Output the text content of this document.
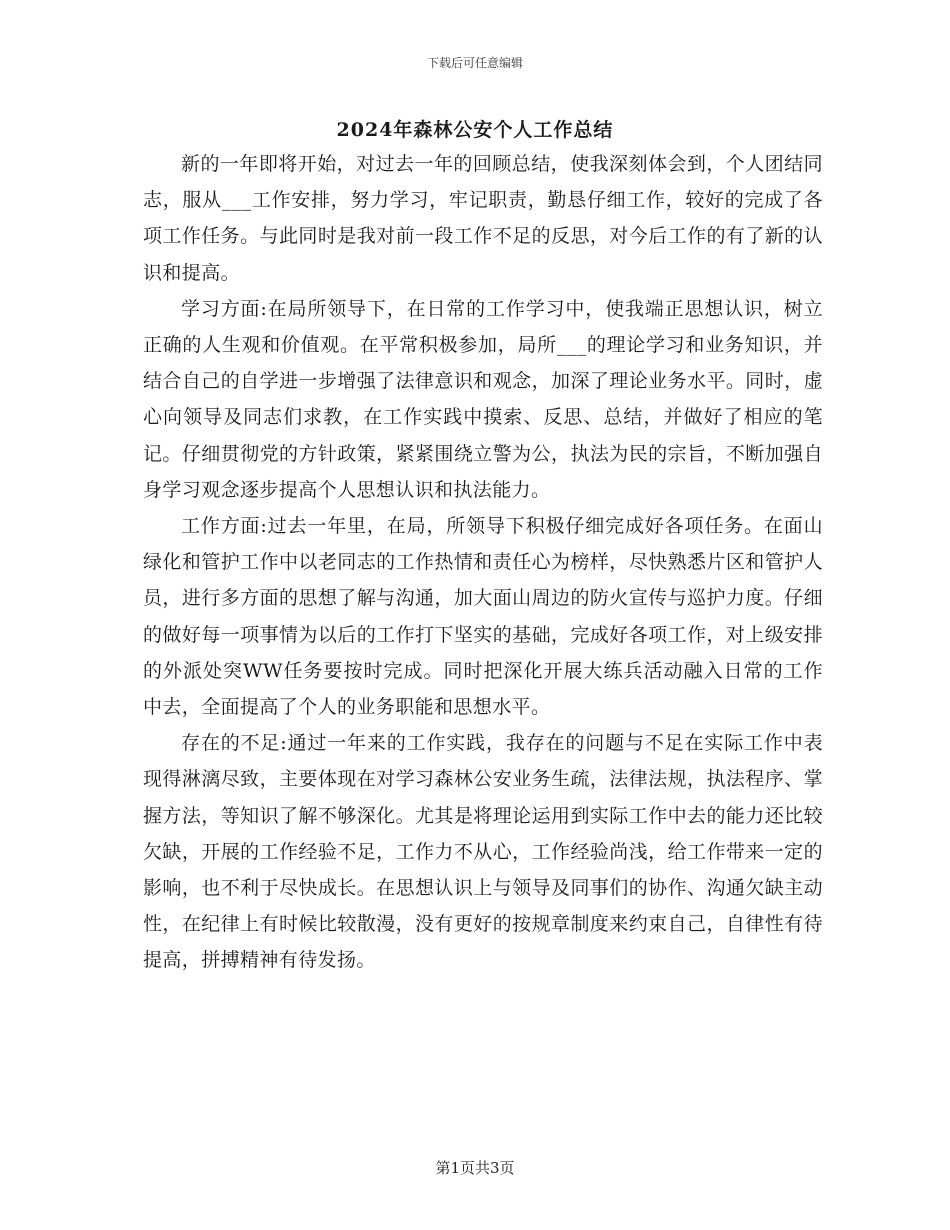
下载后可任意编辑
2024年森林公安个人工作总结

新的一年即将开始，对过去一年的回顾总结，使我深刻体会到，个人团结同志，服从___工作安排，努力学习，牢记职责，勤恳仔细工作，较好的完成了各项工作任务。与此同时是我对前一段工作不足的反思，对今后工作的有了新的认识和提高。

学习方面:在局所领导下，在日常的工作学习中，使我端正思想认识，树立正确的人生观和价值观。在平常积极参加，局所___的理论学习和业务知识，并结合自己的自学进一步增强了法律意识和观念，加深了理论业务水平。同时，虚心向领导及同志们求教，在工作实践中摸索、反思、总结，并做好了相应的笔记。仔细贯彻党的方针政策，紧紧围绕立警为公，执法为民的宗旨，不断加强自身学习观念逐步提高个人思想认识和执法能力。

工作方面:过去一年里，在局，所领导下积极仔细完成好各项任务。在面山绿化和管护工作中以老同志的工作热情和责任心为榜样，尽快熟悉片区和管护人员，进行多方面的思想了解与沟通，加大面山周边的防火宣传与巡护力度。仔细的做好每一项事情为以后的工作打下坚实的基础，完成好各项工作，对上级安排的外派处突WW任务要按时完成。同时把深化开展大练兵活动融入日常的工作中去，全面提高了个人的业务职能和思想水平。

存在的不足:通过一年来的工作实践，我存在的问题与不足在实际工作中表现得淋漓尽致，主要体现在对学习森林公安业务生疏，法律法规，执法程序、掌握方法，等知识了解不够深化。尤其是将理论运用到实际工作中去的能力还比较欠缺，开展的工作经验不足，工作力不从心，工作经验尚浅，给工作带来一定的影响，也不利于尽快成长。在思想认识上与领导及同事们的协作、沟通欠缺主动性，在纪律上有时候比较散漫，没有更好的按规章制度来约束自己，自律性有待提高，拼搏精神有待发扬。

第1页共3页
